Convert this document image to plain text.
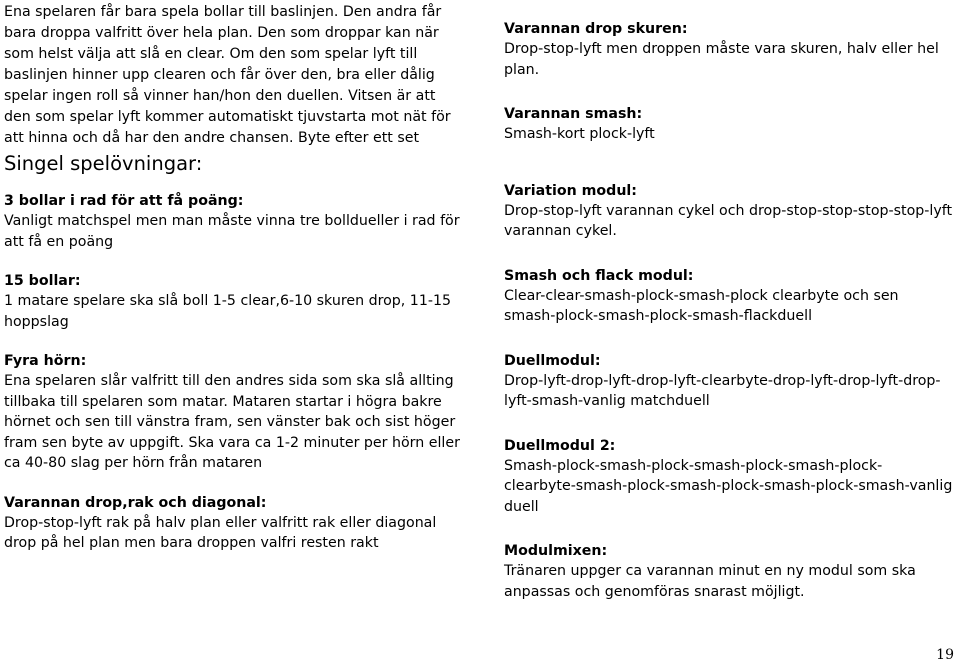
Ena spelaren får bara spela bollar till baslinjen. Den andra får bara droppa valfritt över hela plan. Den som droppar kan när som helst välja att slå en clear. Om den som spelar lyft till baslinjen hinner upp clearen och får över den, bra eller dålig spelar ingen roll så vinner han/hon den duellen. Vitsen är att den som spelar lyft kommer automatiskt tjuvstarta mot nät för att hinna och då har den andre chansen. Byte efter ett set

Singel spelövningar:
3 bollar i rad för att få poäng:
Vanligt matchspel men man måste vinna tre bolldueller i rad för att få en poäng
15 bollar:
1 matare spelare ska slå boll 1-5 clear,6-10 skuren drop, 11-15 hoppslag
Fyra hörn:
Ena spelaren slår valfritt till den andres sida som ska slå allting tillbaka till spelaren som matar. Mataren startar i högra bakre hörnet och sen till vänstra fram, sen vänster bak och sist höger fram sen byte av uppgift. Ska vara ca 1-2 minuter per hörn eller ca 40-80 slag per hörn från mataren
Varannan drop,rak och diagonal:
Drop-stop-lyft rak på halv plan eller valfritt rak eller diagonal drop på hel plan men bara droppen valfri resten rakt
Varannan drop skuren:
Drop-stop-lyft men droppen måste vara skuren, halv eller hel plan.
Varannan smash:
Smash-kort plock-lyft
Variation modul:
Drop-stop-lyft varannan cykel och drop-stop-stop-stop-stop-lyft varannan cykel.
Smash och flack modul:
Clear-clear-smash-plock-smash-plock clearbyte och sen smash-plock-smash-plock-smash-flackduell
Duellmodul:
Drop-lyft-drop-lyft-drop-lyft-clearbyte-drop-lyft-drop-lyft-drop-lyft-smash-vanlig matchduell
Duellmodul 2:
Smash-plock-smash-plock-smash-plock-smash-plock-clearbyte-smash-plock-smash-plock-smash-plock-smash-vanlig duell
Modulmixen:
Tränaren uppger ca varannan minut en ny modul som ska anpassas och genomföras snarast möjligt.
19
